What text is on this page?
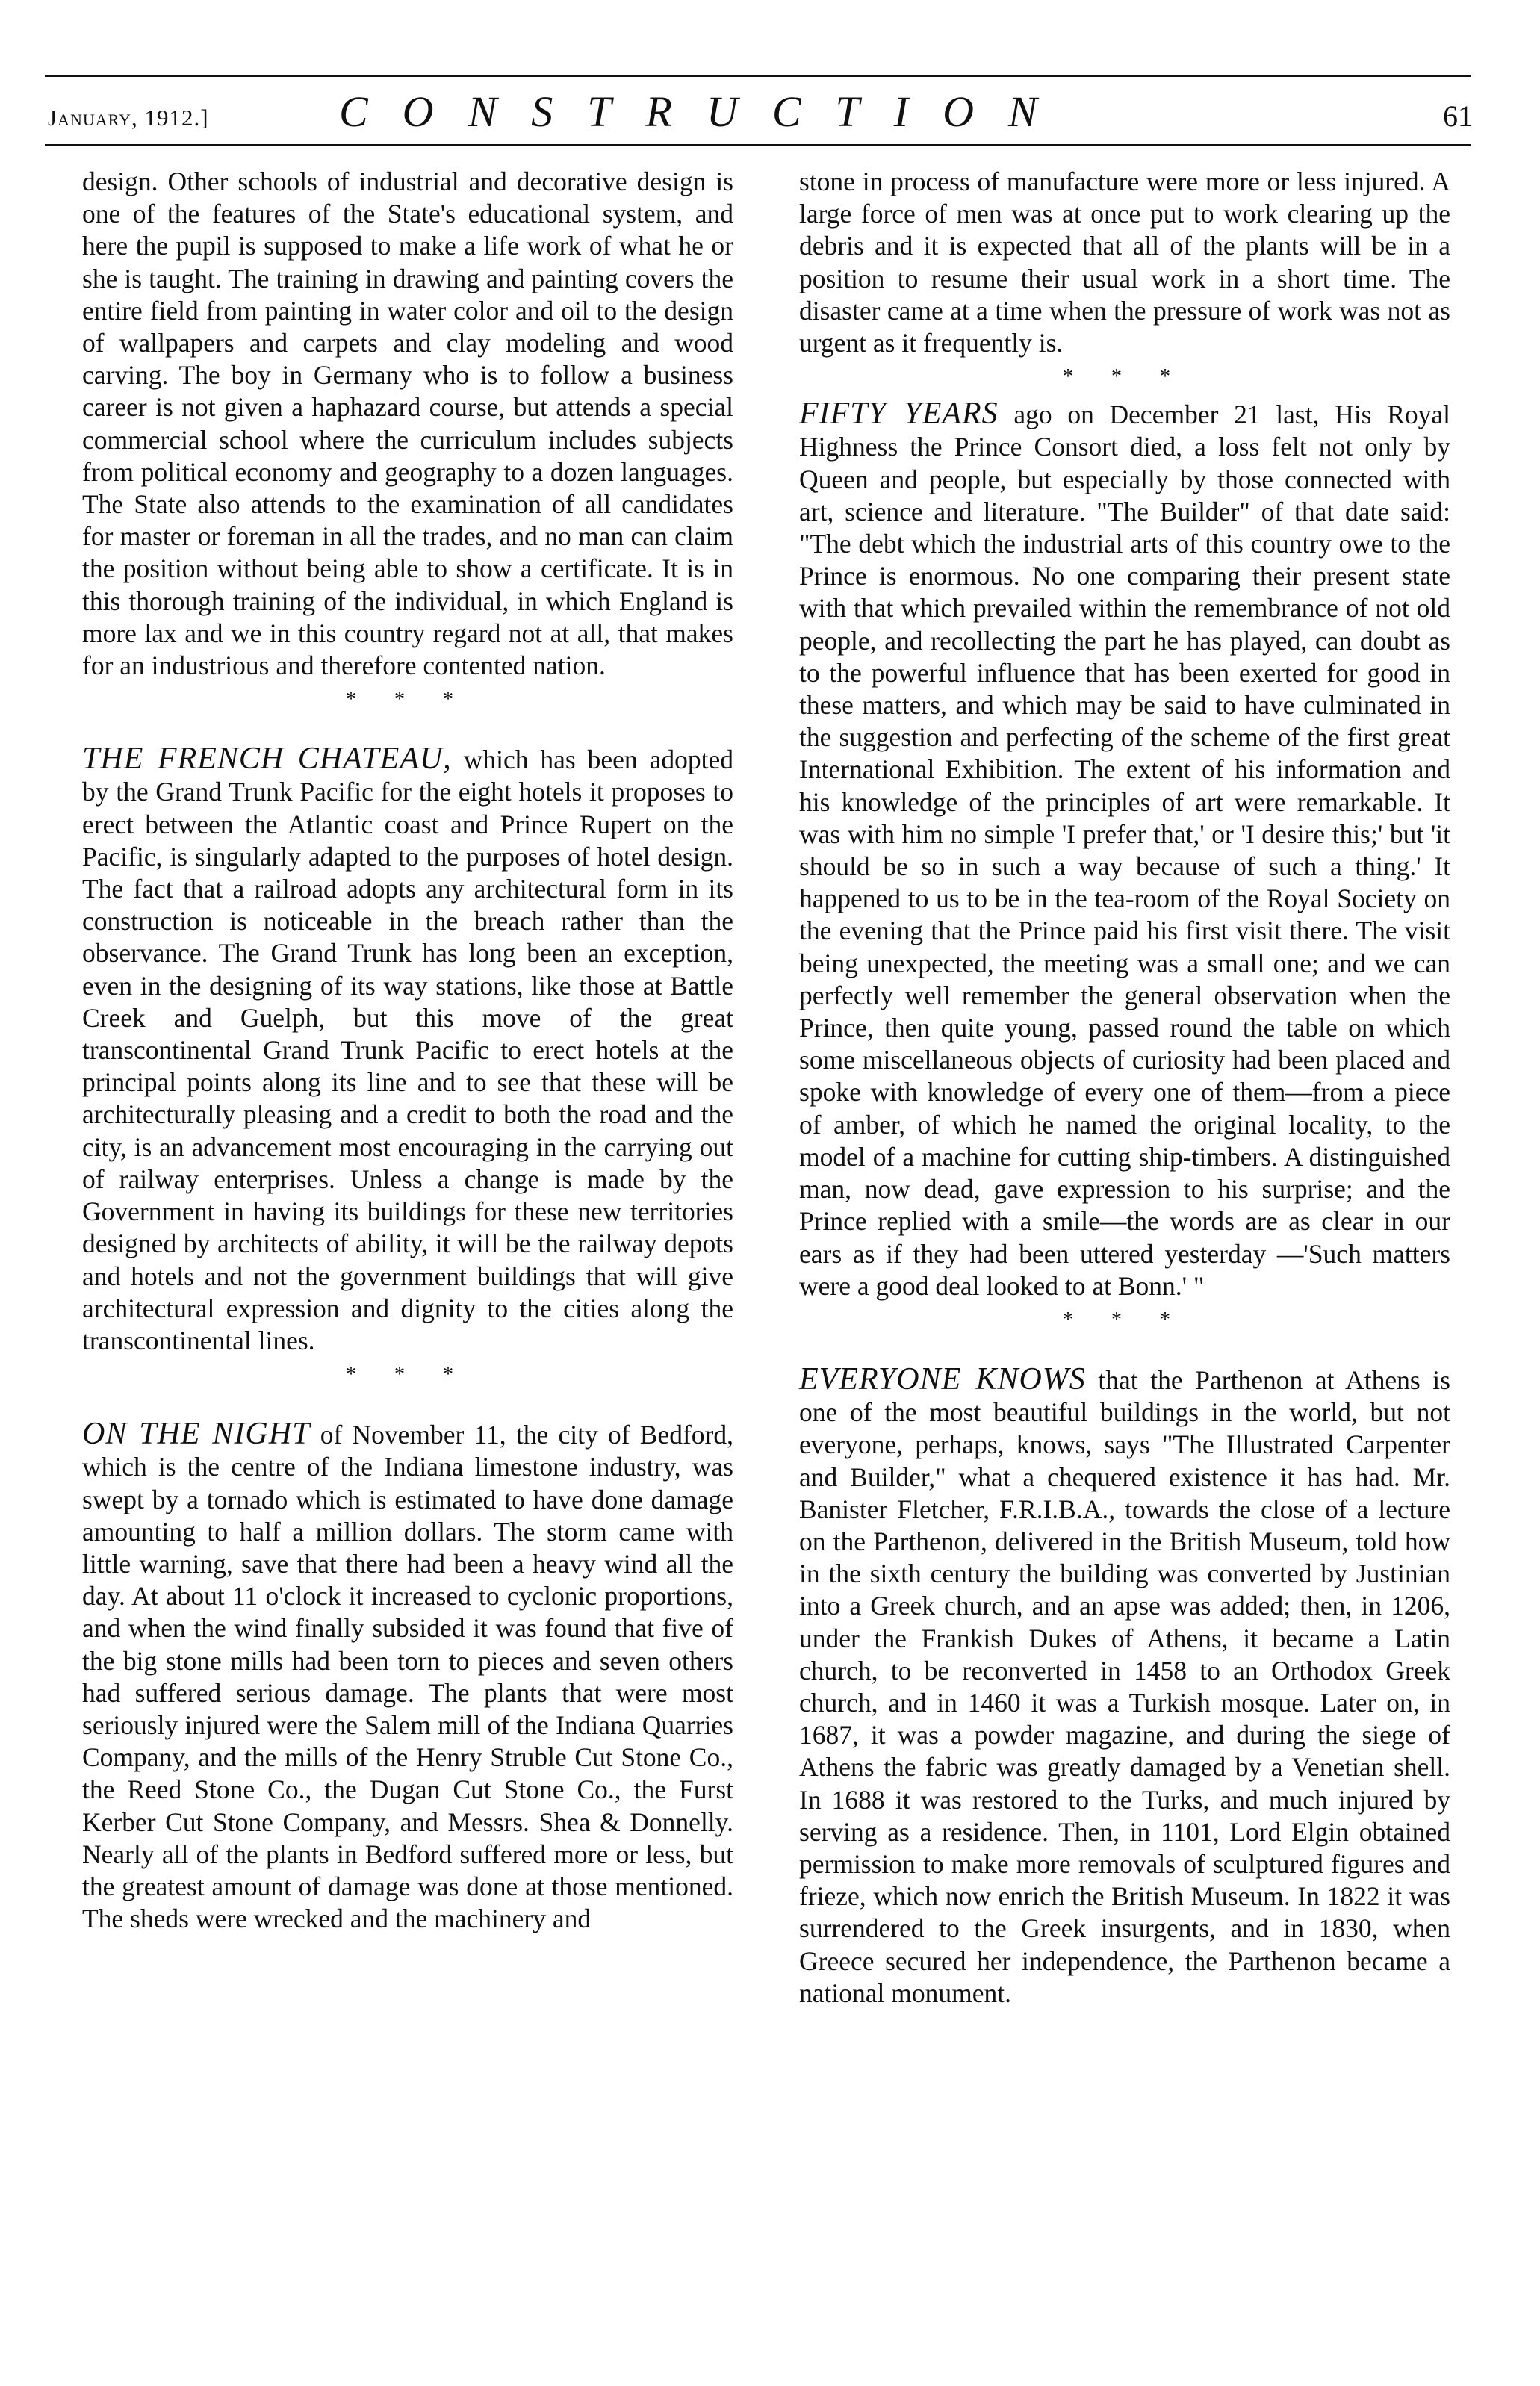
January, 1912.]	CONSTRUCTION	61

design. Other schools of industrial and decorative design is one of the features of the State's educational system, and here the pupil is supposed to make a life work of what he or she is taught. The training in drawing and painting covers the entire field from painting in water color and oil to the design of wallpapers and carpets and clay modeling and wood carving. The boy in Germany who is to follow a business career is not given a haphazard course, but attends a special commercial school where the curriculum includes subjects from political economy and geography to a dozen languages. The State also attends to the examination of all candidates for master or foreman in all the trades, and no man can claim the position without being able to show a certificate. It is in this thorough training of the individual, in which England is more lax and we in this country regard not at all, that makes for an industrious and therefore contented nation.

* * *

THE FRENCH CHATEAU, which has been adopted by the Grand Trunk Pacific for the eight hotels it proposes to erect between the Atlantic coast and Prince Rupert on the Pacific, is singularly adapted to the purposes of hotel design. The fact that a railroad adopts any architectural form in its construction is noticeable in the breach rather than the observance. The Grand Trunk has long been an exception, even in the designing of its way stations, like those at Battle Creek and Guelph, but this move of the great transcontinental Grand Trunk Pacific to erect hotels at the principal points along its line and to see that these will be architecturally pleasing and a credit to both the road and the city, is an advancement most encouraging in the carrying out of railway enterprises. Unless a change is made by the Government in having its buildings for these new territories designed by architects of ability, it will be the railway depots and hotels and not the government buildings that will give architectural expression and dignity to the cities along the transcontinental lines.

* * *

ON THE NIGHT of November 11, the city of Bedford, which is the centre of the Indiana limestone industry, was swept by a tornado which is estimated to have done damage amounting to half a million dollars. The storm came with little warning, save that there had been a heavy wind all the day. At about 11 o'clock it increased to cyclonic proportions, and when the wind finally subsided it was found that five of the big stone mills had been torn to pieces and seven others had suffered serious damage. The plants that were most seriously injured were the Salem mill of the Indiana Quarries Company, and the mills of the Henry Struble Cut Stone Co., the Reed Stone Co., the Dugan Cut Stone Co., the Furst Kerber Cut Stone Company, and Messrs. Shea & Donnelly. Nearly all of the plants in Bedford suffered more or less, but the greatest amount of damage was done at those mentioned. The sheds were wrecked and the machinery and

stone in process of manufacture were more or less injured. A large force of men was at once put to work clearing up the debris and it is expected that all of the plants will be in a position to resume their usual work in a short time. The disaster came at a time when the pressure of work was not as urgent as it frequently is.

* * *

FIFTY YEARS ago on December 21 last, His Royal Highness the Prince Consort died, a loss felt not only by Queen and people, but especially by those connected with art, science and literature. "The Builder" of that date said: "The debt which the industrial arts of this country owe to the Prince is enormous. No one comparing their present state with that which prevailed within the remembrance of not old people, and recollecting the part he has played, can doubt as to the powerful influence that has been exerted for good in these matters, and which may be said to have culminated in the suggestion and perfecting of the scheme of the first great International Exhibition. The extent of his information and his knowledge of the principles of art were remarkable. It was with him no simple 'I prefer that,' or 'I desire this;' but 'it should be so in such a way because of such a thing.' It happened to us to be in the tea-room of the Royal Society on the evening that the Prince paid his first visit there. The visit being unexpected, the meeting was a small one; and we can perfectly well remember the general observation when the Prince, then quite young, passed round the table on which some miscellaneous objects of curiosity had been placed and spoke with knowledge of every one of them—from a piece of amber, of which he named the original locality, to the model of a machine for cutting ship-timbers. A distinguished man, now dead, gave expression to his surprise; and the Prince replied with a smile—the words are as clear in our ears as if they had been uttered yesterday —'Such matters were a good deal looked to at Bonn.' "

* * *

EVERYONE KNOWS that the Parthenon at Athens is one of the most beautiful buildings in the world, but not everyone, perhaps, knows, says "The Illustrated Carpenter and Builder," what a chequered existence it has had. Mr. Banister Fletcher, F.R.I.B.A., towards the close of a lecture on the Parthenon, delivered in the British Museum, told how in the sixth century the building was converted by Justinian into a Greek church, and an apse was added; then, in 1206, under the Frankish Dukes of Athens, it became a Latin church, to be reconverted in 1458 to an Orthodox Greek church, and in 1460 it was a Turkish mosque. Later on, in 1687, it was a powder magazine, and during the siege of Athens the fabric was greatly damaged by a Venetian shell. In 1688 it was restored to the Turks, and much injured by serving as a residence. Then, in 1101, Lord Elgin obtained permission to make more removals of sculptured figures and frieze, which now enrich the British Museum. In 1822 it was surrendered to the Greek insurgents, and in 1830, when Greece secured her independence, the Parthenon became a national monument.
